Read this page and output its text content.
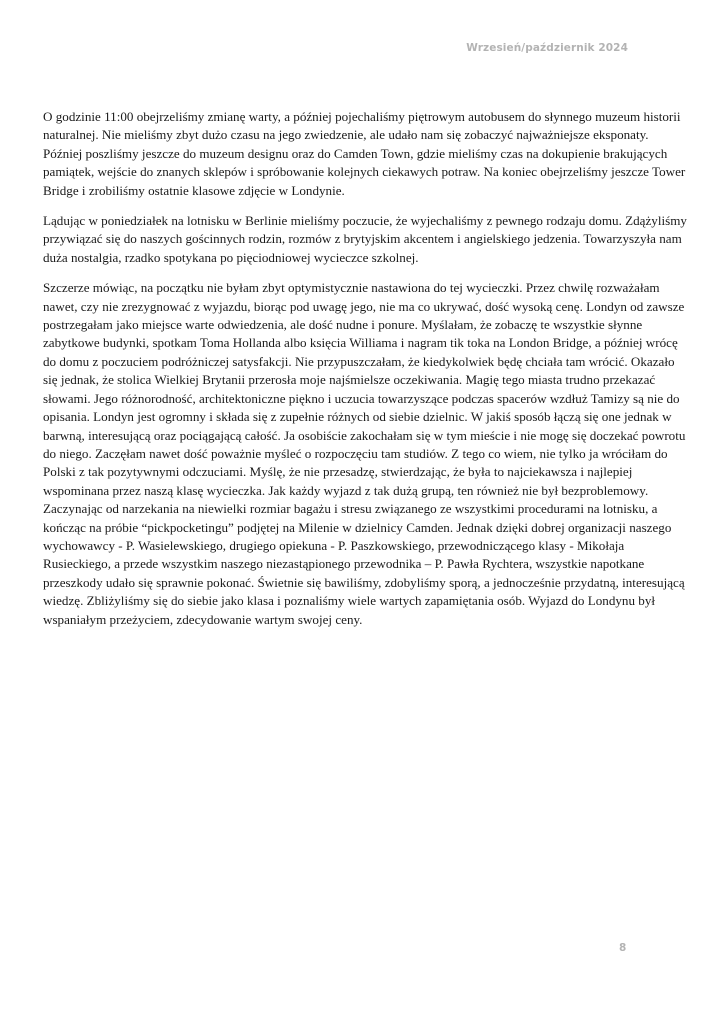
Wrzesień/październik 2024

O godzinie 11:00 obejrzeliśmy zmianę warty, a później pojechaliśmy piętrowym autobusem do słynnego muzeum historii naturalnej. Nie mieliśmy zbyt dużo czasu na jego zwiedzenie, ale udało nam się zobaczyć najważniejsze eksponaty. Później poszliśmy jeszcze do muzeum designu oraz do Camden Town, gdzie mieliśmy czas na dokupienie brakujących pamiątek, wejście do znanych sklepów i spróbowanie kolejnych ciekawych potraw. Na koniec obejrzeliśmy jeszcze Tower Bridge i zrobiliśmy ostatnie klasowe zdjęcie w Londynie.

Lądując w poniedziałek na lotnisku w Berlinie mieliśmy poczucie, że wyjechaliśmy z pewnego rodzaju domu. Zdążyliśmy przywiązać się do naszych gościnnych rodzin, rozmów z brytyjskim akcentem i angielskiego jedzenia. Towarzyszyła nam duża nostalgia, rzadko spotykana po pięciodniowej wycieczce szkolnej.

Szczerze mówiąc, na początku nie byłam zbyt optymistycznie nastawiona do tej wycieczki. Przez chwilę rozważałam nawet, czy nie zrezygnować z wyjazdu, biorąc pod uwagę jego, nie ma co ukrywać, dość wysoką cenę. Londyn od zawsze postrzegałam jako miejsce warte odwiedzenia, ale dość nudne i ponure. Myślałam, że zobaczę te wszystkie słynne zabytkowe budynki, spotkam Toma Hollanda albo księcia Williama i nagram tik toka na London Bridge, a później wrócę do domu z poczuciem podróżniczej satysfakcji. Nie przypuszczałam, że kiedykolwiek będę chciała tam wrócić. Okazało się jednak, że stolica Wielkiej Brytanii przerosła moje najśmielsze oczekiwania. Magię tego miasta trudno przekazać słowami. Jego różnorodność, architektoniczne piękno i uczucia towarzyszące podczas spacerów wzdłuż Tamizy są nie do opisania. Londyn jest ogromny i składa się z zupełnie różnych od siebie dzielnic. W jakiś sposób łączą się one jednak w barwną, interesującą oraz pociągającą całość. Ja osobiście zakochałam się w tym mieście i nie mogę się doczekać powrotu do niego. Zaczęłam nawet dość poważnie myśleć o rozpoczęciu tam studiów. Z tego co wiem, nie tylko ja wróciłam do Polski z tak pozytywnymi odczuciami. Myślę, że nie przesadzę, stwierdzając, że była to najciekawsza i najlepiej wspominana przez naszą klasę wycieczka. Jak każdy wyjazd z tak dużą grupą, ten również nie był bezproblemowy. Zaczynając od narzekania na niewielki rozmiar bagażu i stresu związanego ze wszystkimi procedurami na lotnisku, a kończąc na próbie “pickpocketingu” podjętej na Milenie w dzielnicy Camden. Jednak dzięki dobrej organizacji naszego wychowawcy - P. Wasielewskiego, drugiego opiekuna - P. Paszkowskiego, przewodniczącego klasy - Mikołaja Rusieckiego, a przede wszystkim naszego niezastąpionego przewodnika – P. Pawła Rychtera, wszystkie napotkane przeszkody udało się sprawnie pokonać. Świetnie się bawiliśmy, zdobyliśmy sporą, a jednocześnie przydatną, interesującą wiedzę. Zbliżyliśmy się do siebie jako klasa i poznaliśmy wiele wartych zapamiętania osób. Wyjazd do Londynu był wspaniałym przeżyciem, zdecydowanie wartym swojej ceny.

8
